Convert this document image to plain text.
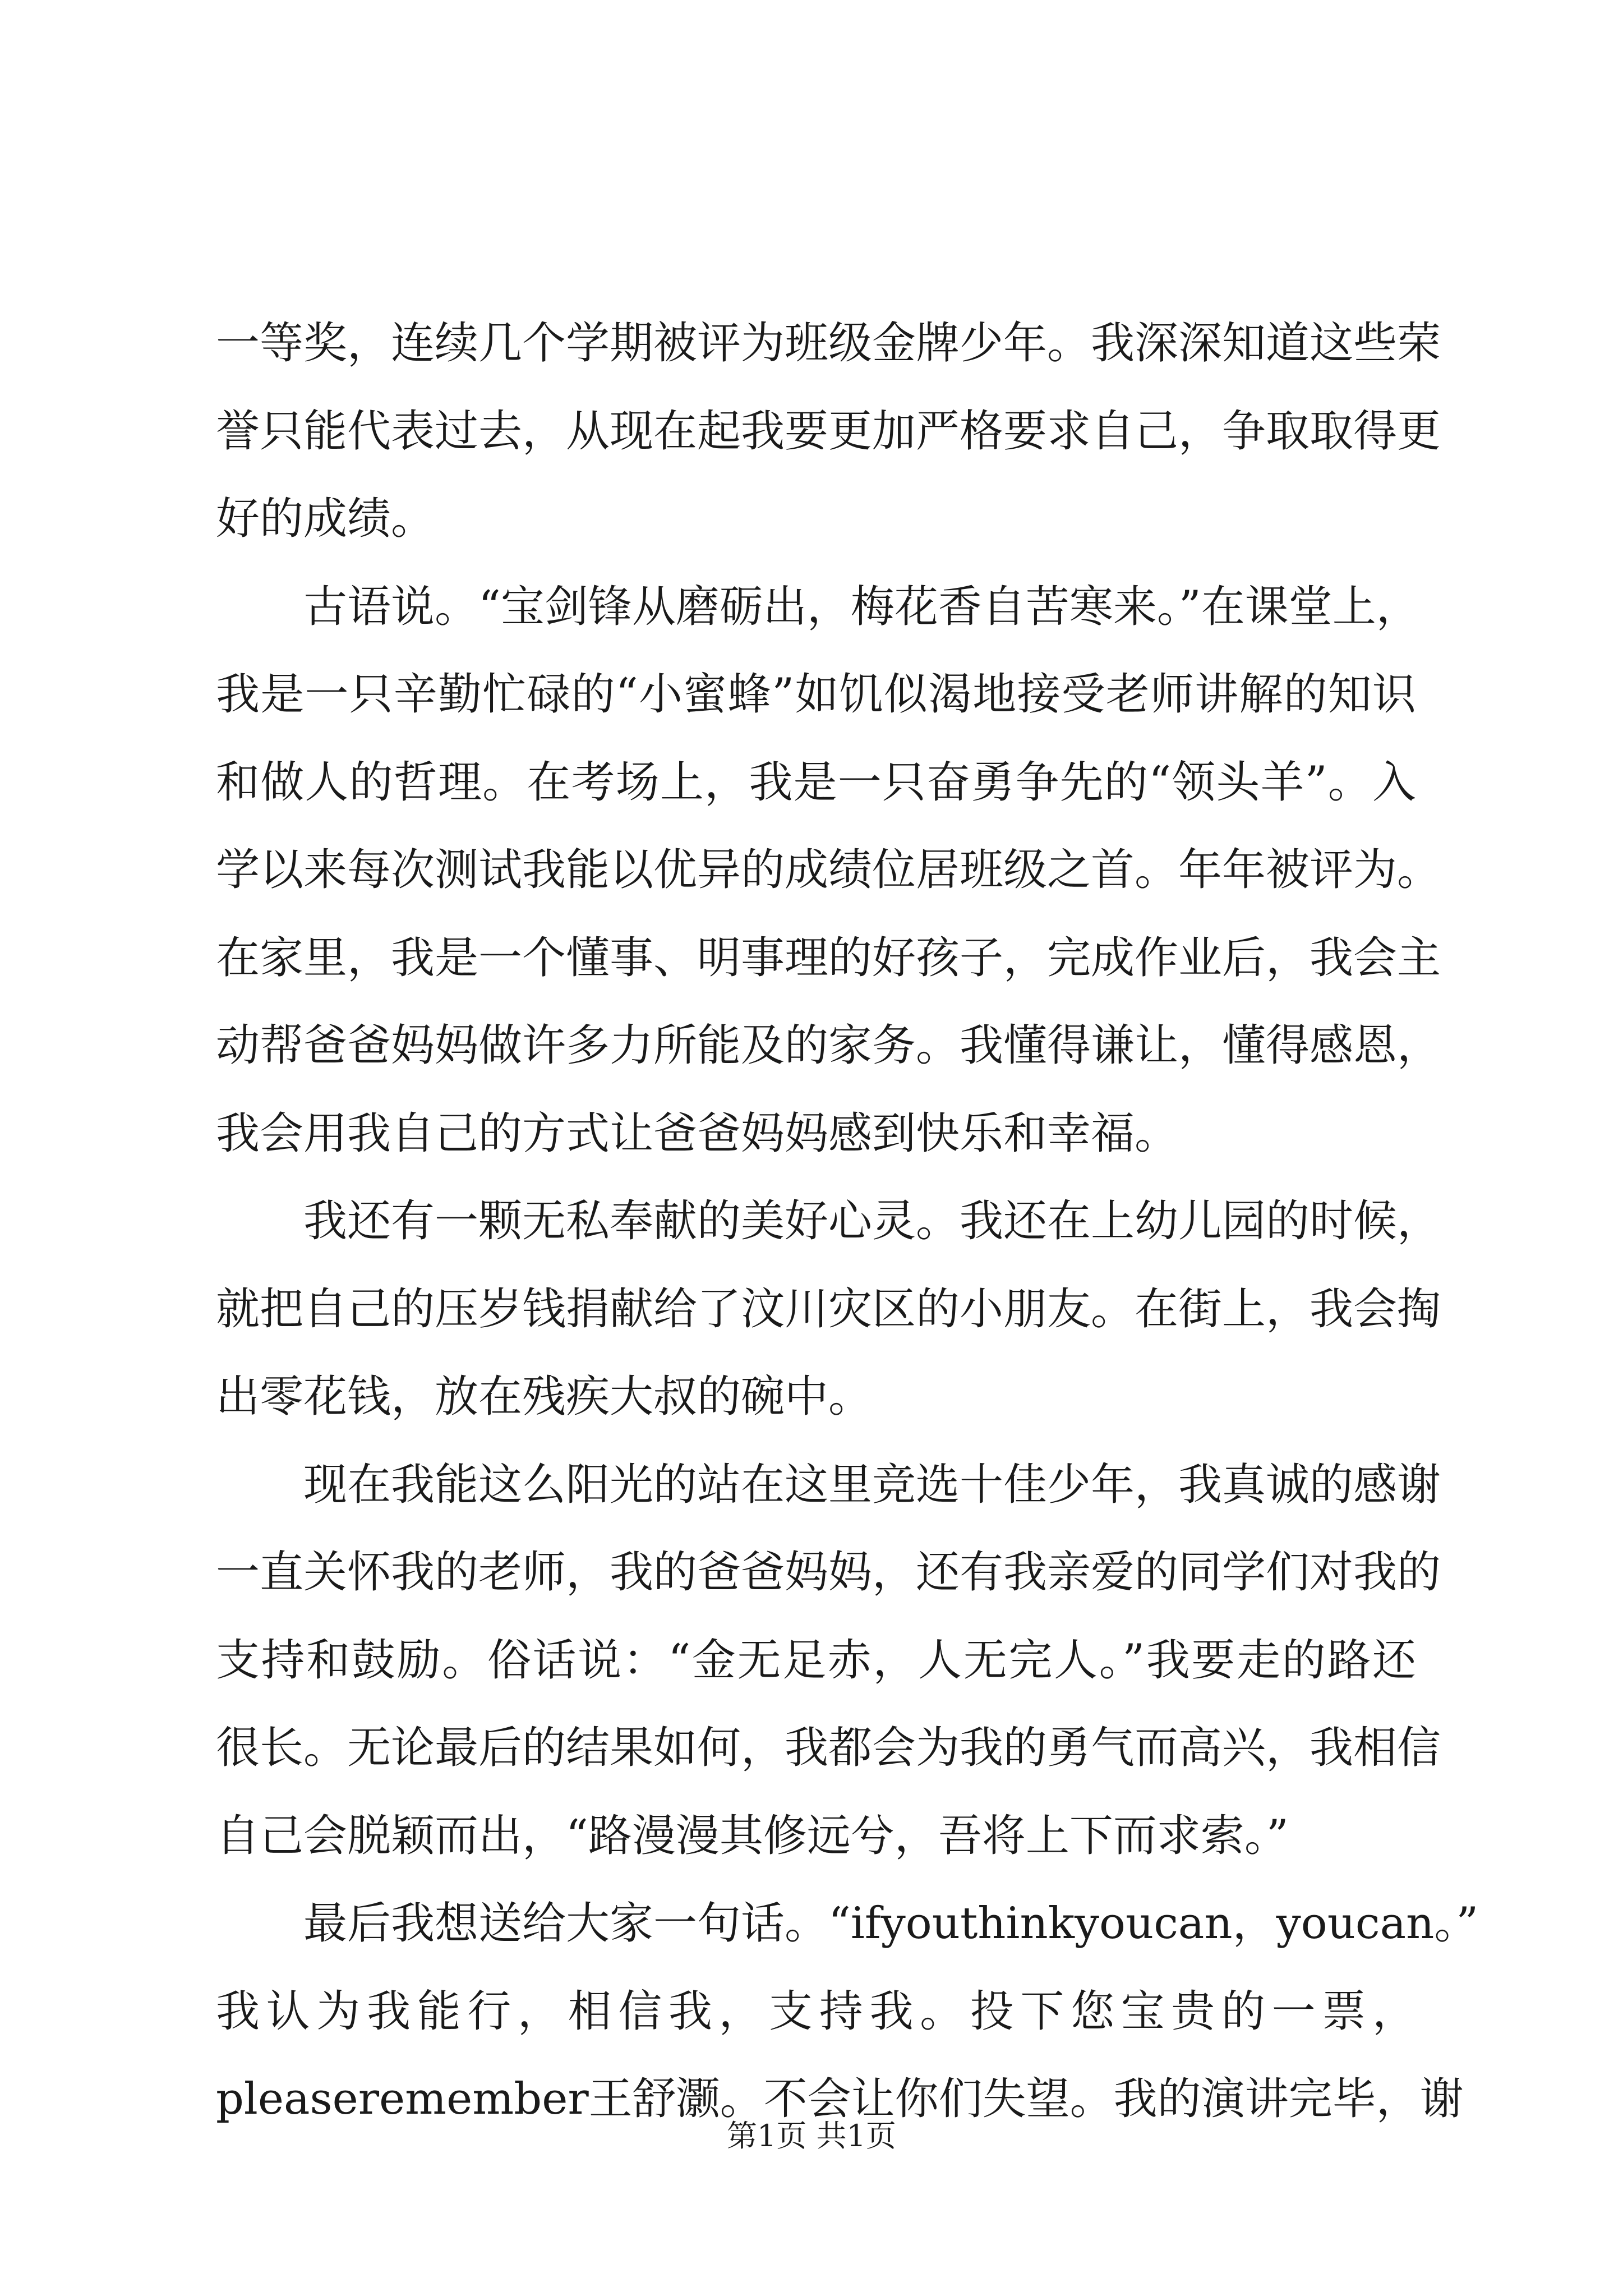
一等奖，连续几个学期被评为班级金牌少年。我深深知道这些荣
誉只能代表过去，从现在起我要更加严格要求自己，争取取得更
好的成绩。
古语说。“宝剑锋从磨砺出，梅花香自苦寒来。”在课堂上，
我是一只辛勤忙碌的“小蜜蜂”如饥似渴地接受老师讲解的知识
和做人的哲理。在考场上，我是一只奋勇争先的“领头羊”。入
学以来每次测试我能以优异的成绩位居班级之首。年年被评为。
在家里，我是一个懂事、明事理的好孩子，完成作业后，我会主
动帮爸爸妈妈做许多力所能及的家务。我懂得谦让，懂得感恩，
我会用我自己的方式让爸爸妈妈感到快乐和幸福。
我还有一颗无私奉献的美好心灵。我还在上幼儿园的时候，
就把自己的压岁钱捐献给了汶川灾区的小朋友。在街上，我会掏
出零花钱，放在残疾大叔的碗中。
现在我能这么阳光的站在这里竞选十佳少年，我真诚的感谢
一直关怀我的老师，我的爸爸妈妈，还有我亲爱的同学们对我的
支持和鼓励。俗话说：“金无足赤，人无完人。”我要走的路还
很长。无论最后的结果如何，我都会为我的勇气而高兴，我相信
自己会脱颖而出，“路漫漫其修远兮，吾将上下而求索。”
最后我想送给大家一句话。“ifyouthinkyoucan，youcan。”
我认为我能行，相信我，支持我。投下您宝贵的一票，
pleaseremember王舒灏。不会让你们失望。我的演讲完毕，谢
第1页 共1页
